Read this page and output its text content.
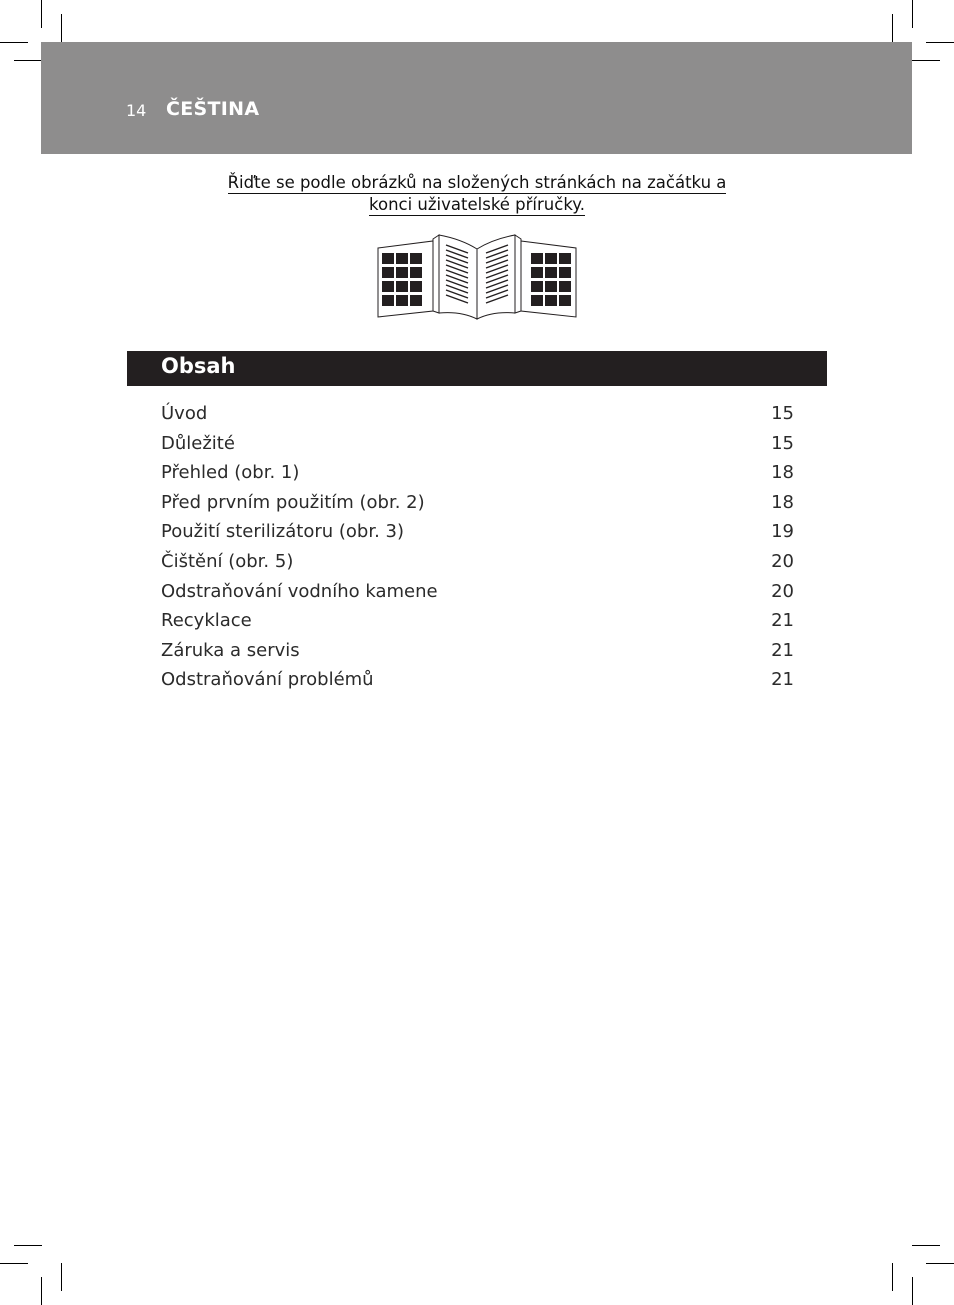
14 ČEŠTINA
Řiďte se podle obrázků na složených stránkách na začátku a
konci uživatelské příručky.
Obsah
Úvod	15
Důležité	15
Přehled (obr. 1)	18
Před prvním použitím (obr. 2)	18
Použití sterilizátoru (obr. 3)	19
Čištění (obr. 5)	20
Odstraňování vodního kamene	20
Recyklace	21
Záruka a servis	21
Odstraňování problémů	21
